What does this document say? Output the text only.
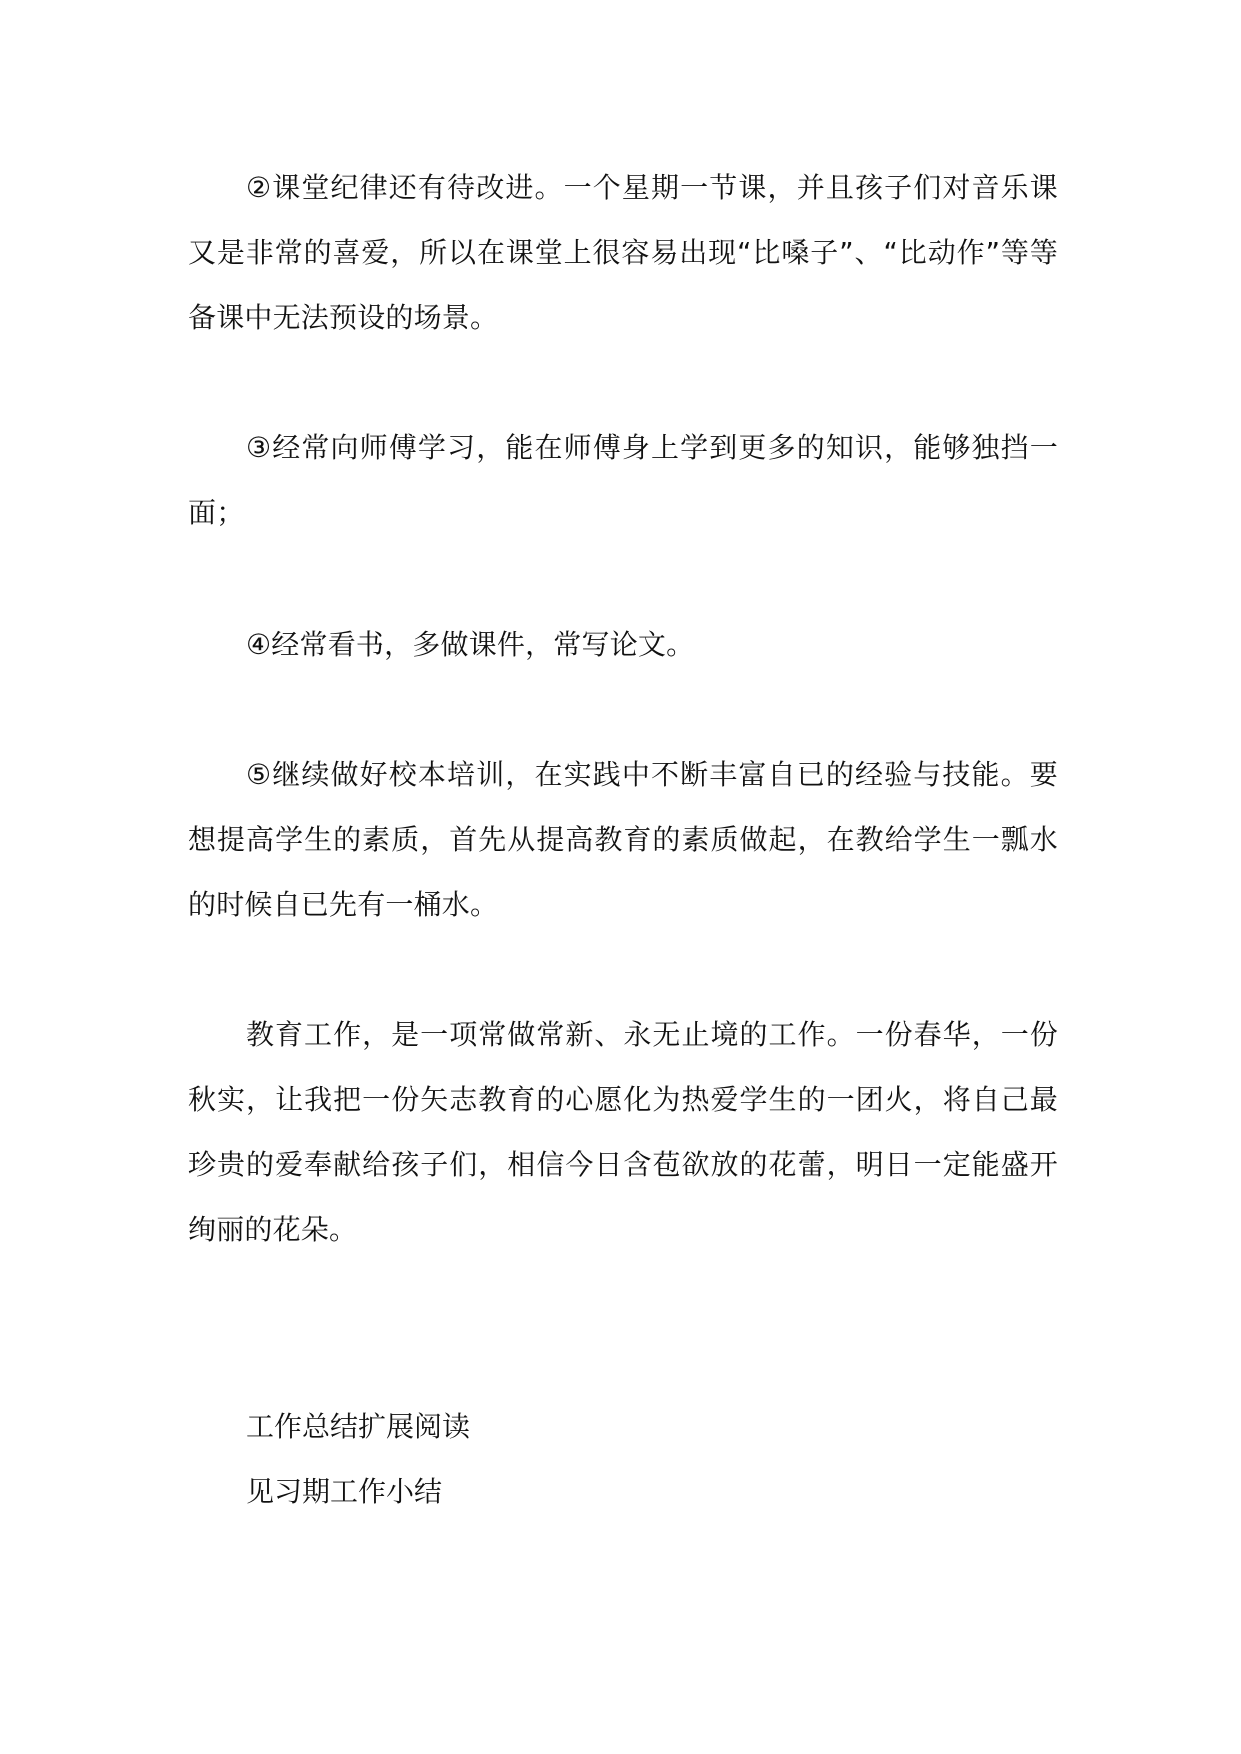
②课堂纪律还有待改进。一个星期一节课，并且孩子们对音乐课又是非常的喜爱，所以在课堂上很容易出现“比嗓子”、“比动作”等等备课中无法预设的场景。

③经常向师傅学习，能在师傅身上学到更多的知识，能够独挡一面；

④经常看书，多做课件，常写论文。

⑤继续做好校本培训，在实践中不断丰富自已的经验与技能。要想提高学生的素质，首先从提高教育的素质做起，在教给学生一瓢水的时候自已先有一桶水。

教育工作，是一项常做常新、永无止境的工作。一份春华，一份秋实，让我把一份矢志教育的心愿化为热爱学生的一团火，将自己最珍贵的爱奉献给孩子们，相信今日含苞欲放的花蕾，明日一定能盛开绚丽的花朵。

工作总结扩展阅读

见习期工作小结
